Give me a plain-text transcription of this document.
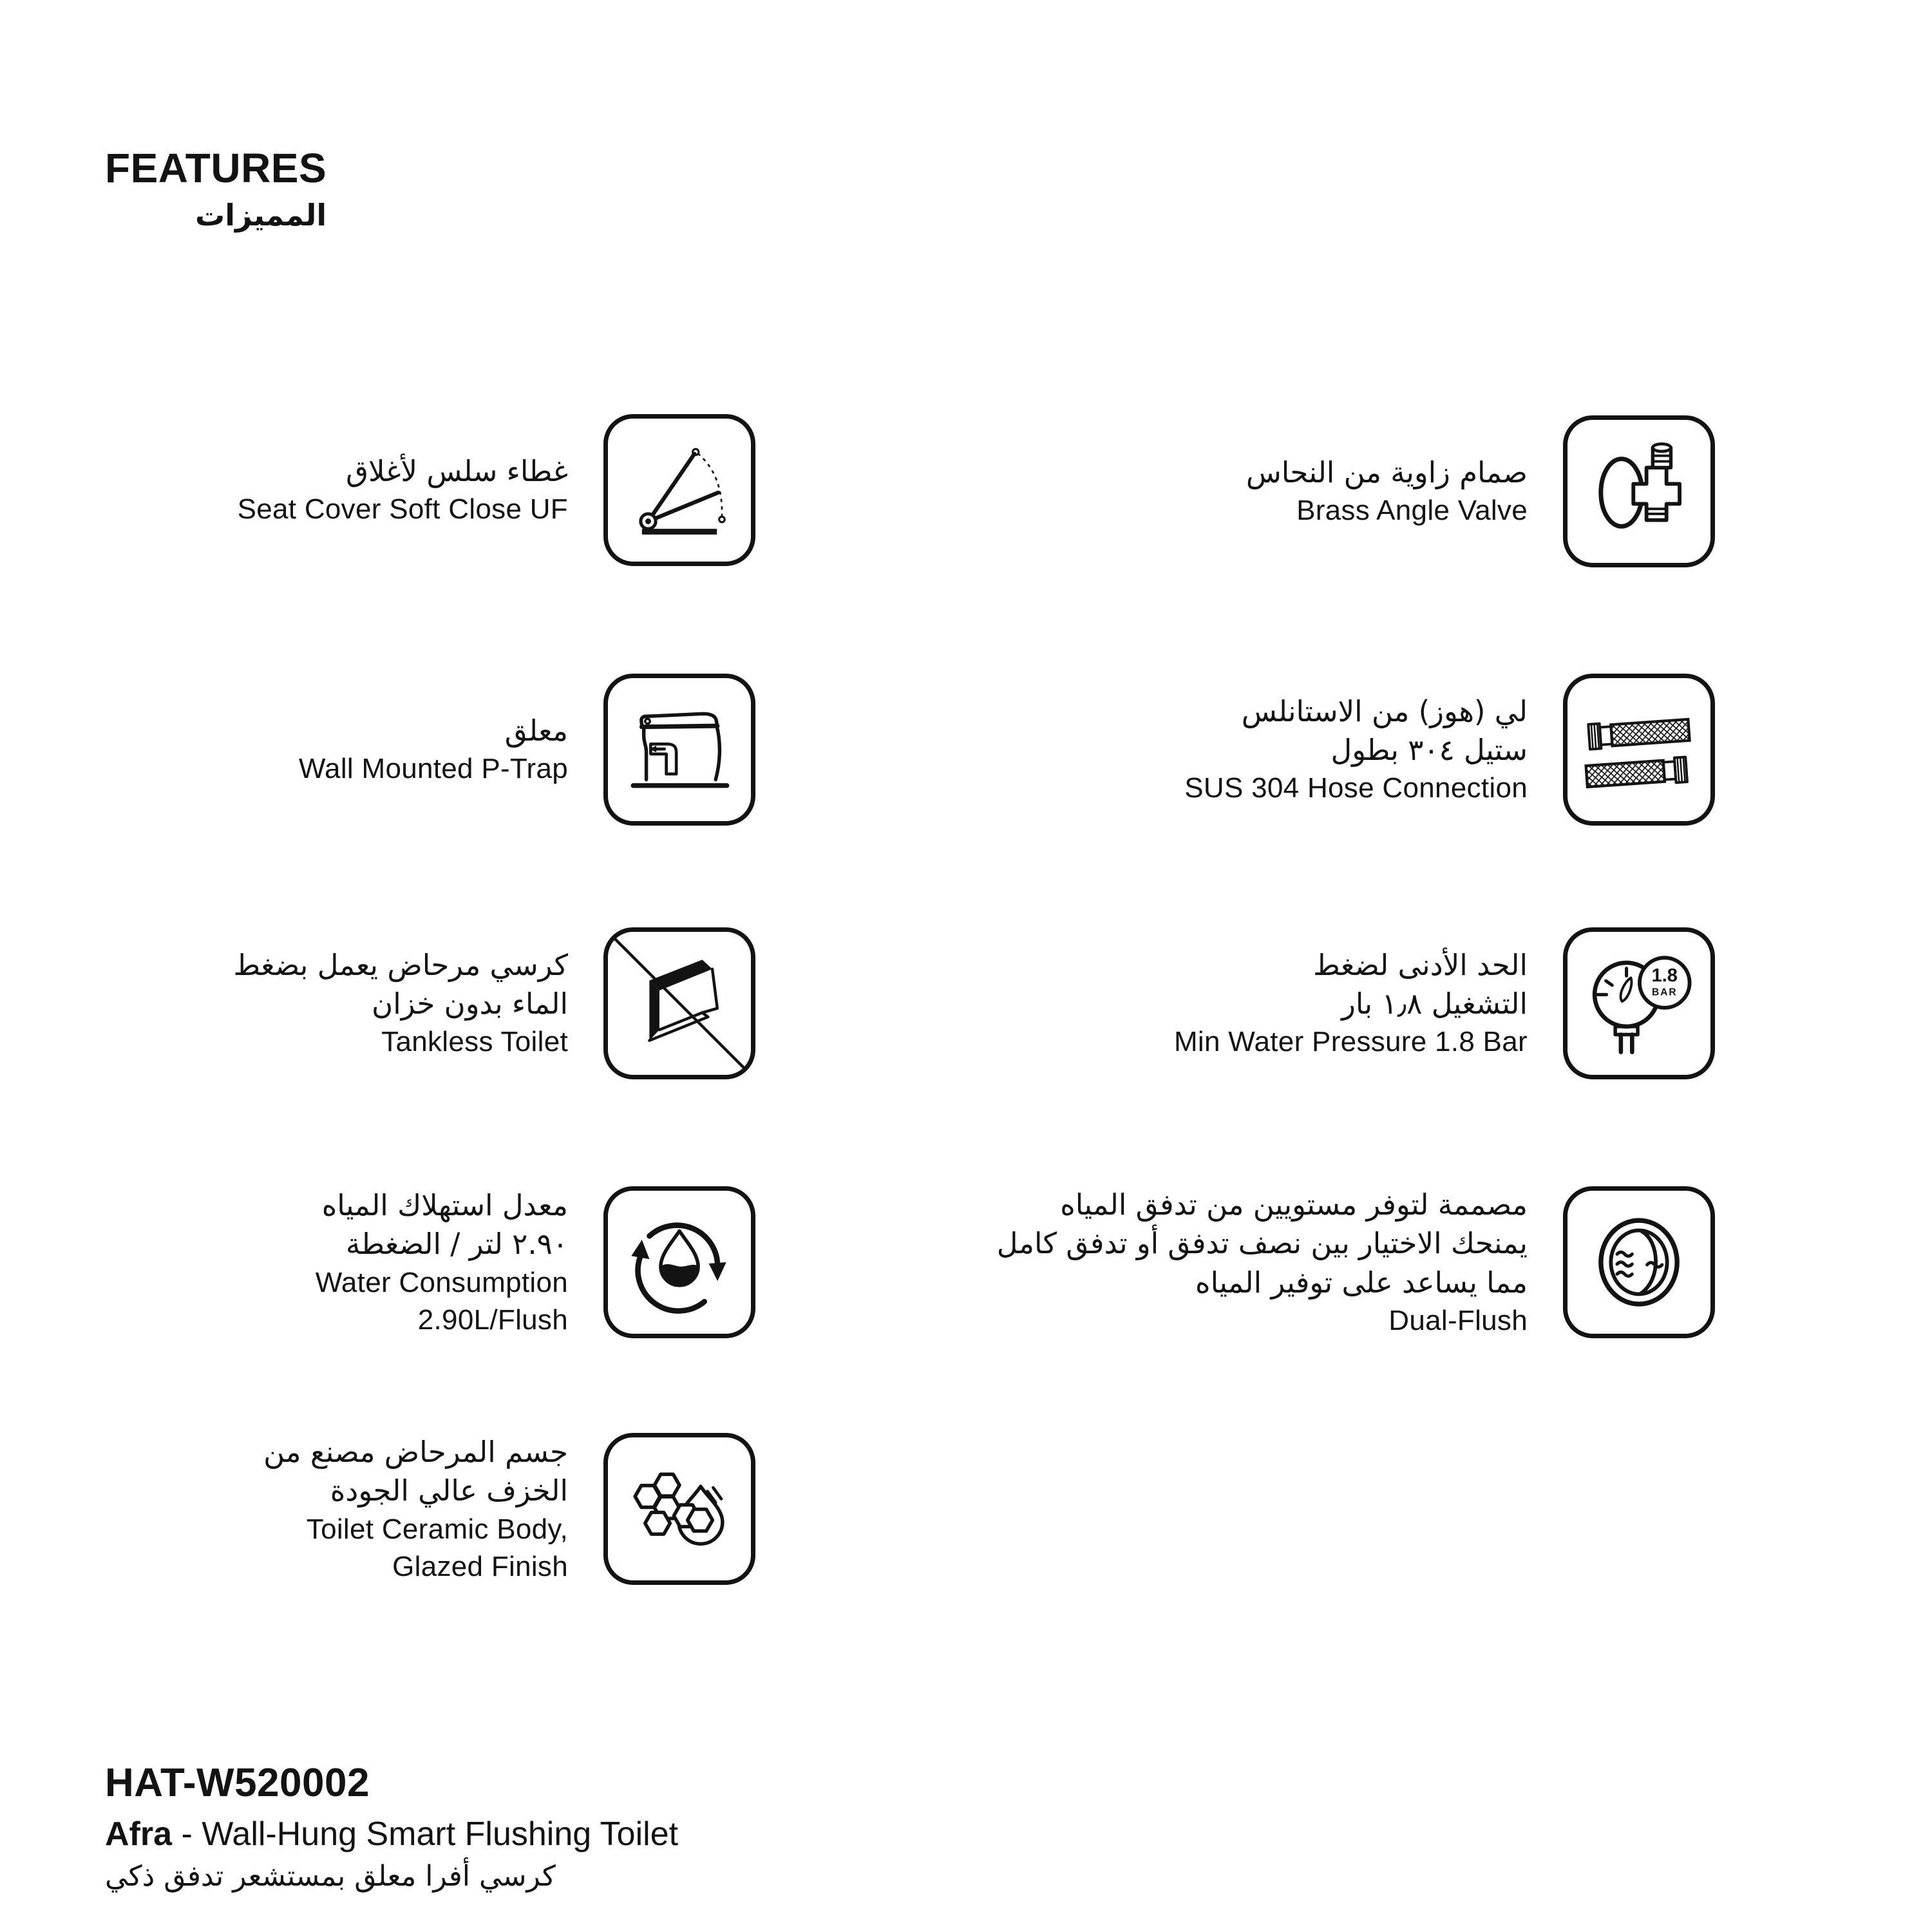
FEATURES
المميزات
غطاء سلس لأغلاق
Seat Cover Soft Close UF
معلق
Wall Mounted P-Trap
كرسي مرحاض يعمل بضغط
الماء بدون خزان
Tankless Toilet
معدل استهلاك المياه
٢.٩٠ لتر / الضغطة
Water Consumption
2.90L/Flush
جسم المرحاض مصنع من
الخزف عالي الجودة
Toilet Ceramic Body,
Glazed Finish
صمام زاوية من النحاس
Brass Angle Valve
لي (هوز) من الاستانلس
ستيل ٣٠٤ بطول
SUS 304 Hose Connection
الحد الأدنى لضغط
التشغيل ١٫٨ بار
Min Water Pressure 1.8 Bar
1.8
BAR
مصممة لتوفر مستويين من تدفق المياه
يمنحك الاختيار بين نصف تدفق أو تدفق كامل
مما يساعد على توفير المياه
Dual-Flush
HAT-W520002
Afra - Wall-Hung Smart Flushing Toilet
كرسي أفرا معلق بمستشعر تدفق ذكي
